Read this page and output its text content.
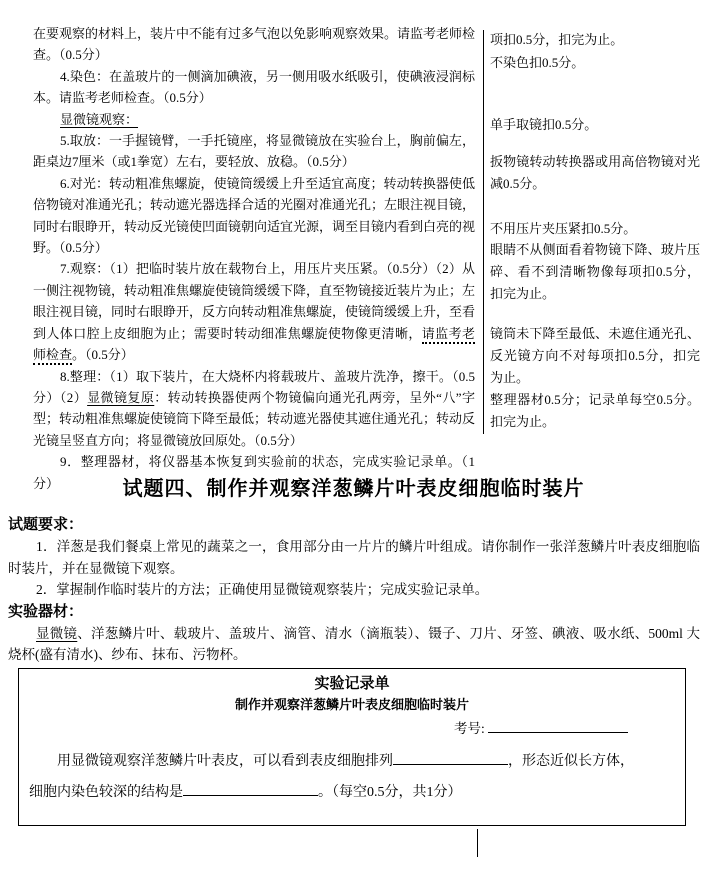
在要观察的材料上，装片中不能有过多气泡以免影响观察效果。请监考老师检查。（0.5分）

4.染色：在盖玻片的一侧滴加碘液，另一侧用吸水纸吸引，使碘液浸润标本。请监考老师检查。（0.5分）

显微镜观察：

5.取放：一手握镜臂，一手托镜座，将显微镜放在实验台上，胸前偏左，距桌边7厘米（或1拳宽）左右，要轻放、放稳。（0.5分）

6.对光：转动粗准焦螺旋，使镜筒缓缓上升至适宜高度；转动转换器使低倍物镜对准通光孔；转动遮光器选择合适的光圈对准通光孔；左眼注视目镜，同时右眼睁开，转动反光镜使凹面镜朝向适宜光源，调至目镜内看到白亮的视野。（0.5分）

7.观察：（1）把临时装片放在载物台上，用压片夹压紧。（0.5分）（2）从一侧注视物镜，转动粗准焦螺旋使镜筒缓缓下降，直至物镜接近装片为止；左眼注视目镜，同时右眼睁开，反方向转动粗准焦螺旋，使镜筒缓缓上升，至看到人体口腔上皮细胞为止；需要时转动细准焦螺旋使物像更清晰，请监考老师检查。（0.5分）

8.整理：（1）取下装片，在大烧杯内将载玻片、盖玻片洗净，擦干。（0.5分）（2）显微镜复原：转动转换器使两个物镜偏向通光孔两旁，呈外“八”字型；转动粗准焦螺旋使镜筒下降至最低；转动遮光器使其遮住通光孔；转动反光镜呈竖直方向；将显微镜放回原处。（0.5分）

9．整理器材，将仪器基本恢复到实验前的状态，完成实验记录单。（1分）

项扣0.5分，扣完为止。
不染色扣0.5分。
单手取镜扣0.5分。
扳物镜转动转换器或用高倍物镜对光减0.5分。
不用压片夹压紧扣0.5分。
眼睛不从侧面看着物镜下降、玻片压碎、看不到清晰物像每项扣0.5分，扣完为止。
镜筒未下降至最低、未遮住通光孔、反光镜方向不对每项扣0.5分，扣完为止。
整理器材0.5分；记录单每空0.5分。扣完为止。
试题四、制作并观察洋葱鳞片叶表皮细胞临时装片

试题要求：

1．洋葱是我们餐桌上常见的蔬菜之一，食用部分由一片片的鳞片叶组成。请你制作一张洋葱鳞片叶表皮细胞临时装片，并在显微镜下观察。

2．掌握制作临时装片的方法；正确使用显微镜观察装片；完成实验记录单。

实验器材：

显微镜、洋葱鳞片叶、载玻片、盖玻片、滴管、清水（滴瓶装）、镊子、刀片、牙签、碘液、吸水纸、500ml 大烧杯(盛有清水)、纱布、抹布、污物杯。

实验记录单
制作并观察洋葱鳞片叶表皮细胞临时装片
考号:
用显微镜观察洋葱鳞片叶表皮，可以看到表皮细胞排列	，形态近似长方体，
细胞内染色较深的结构是	。（每空0.5分，共1分）
